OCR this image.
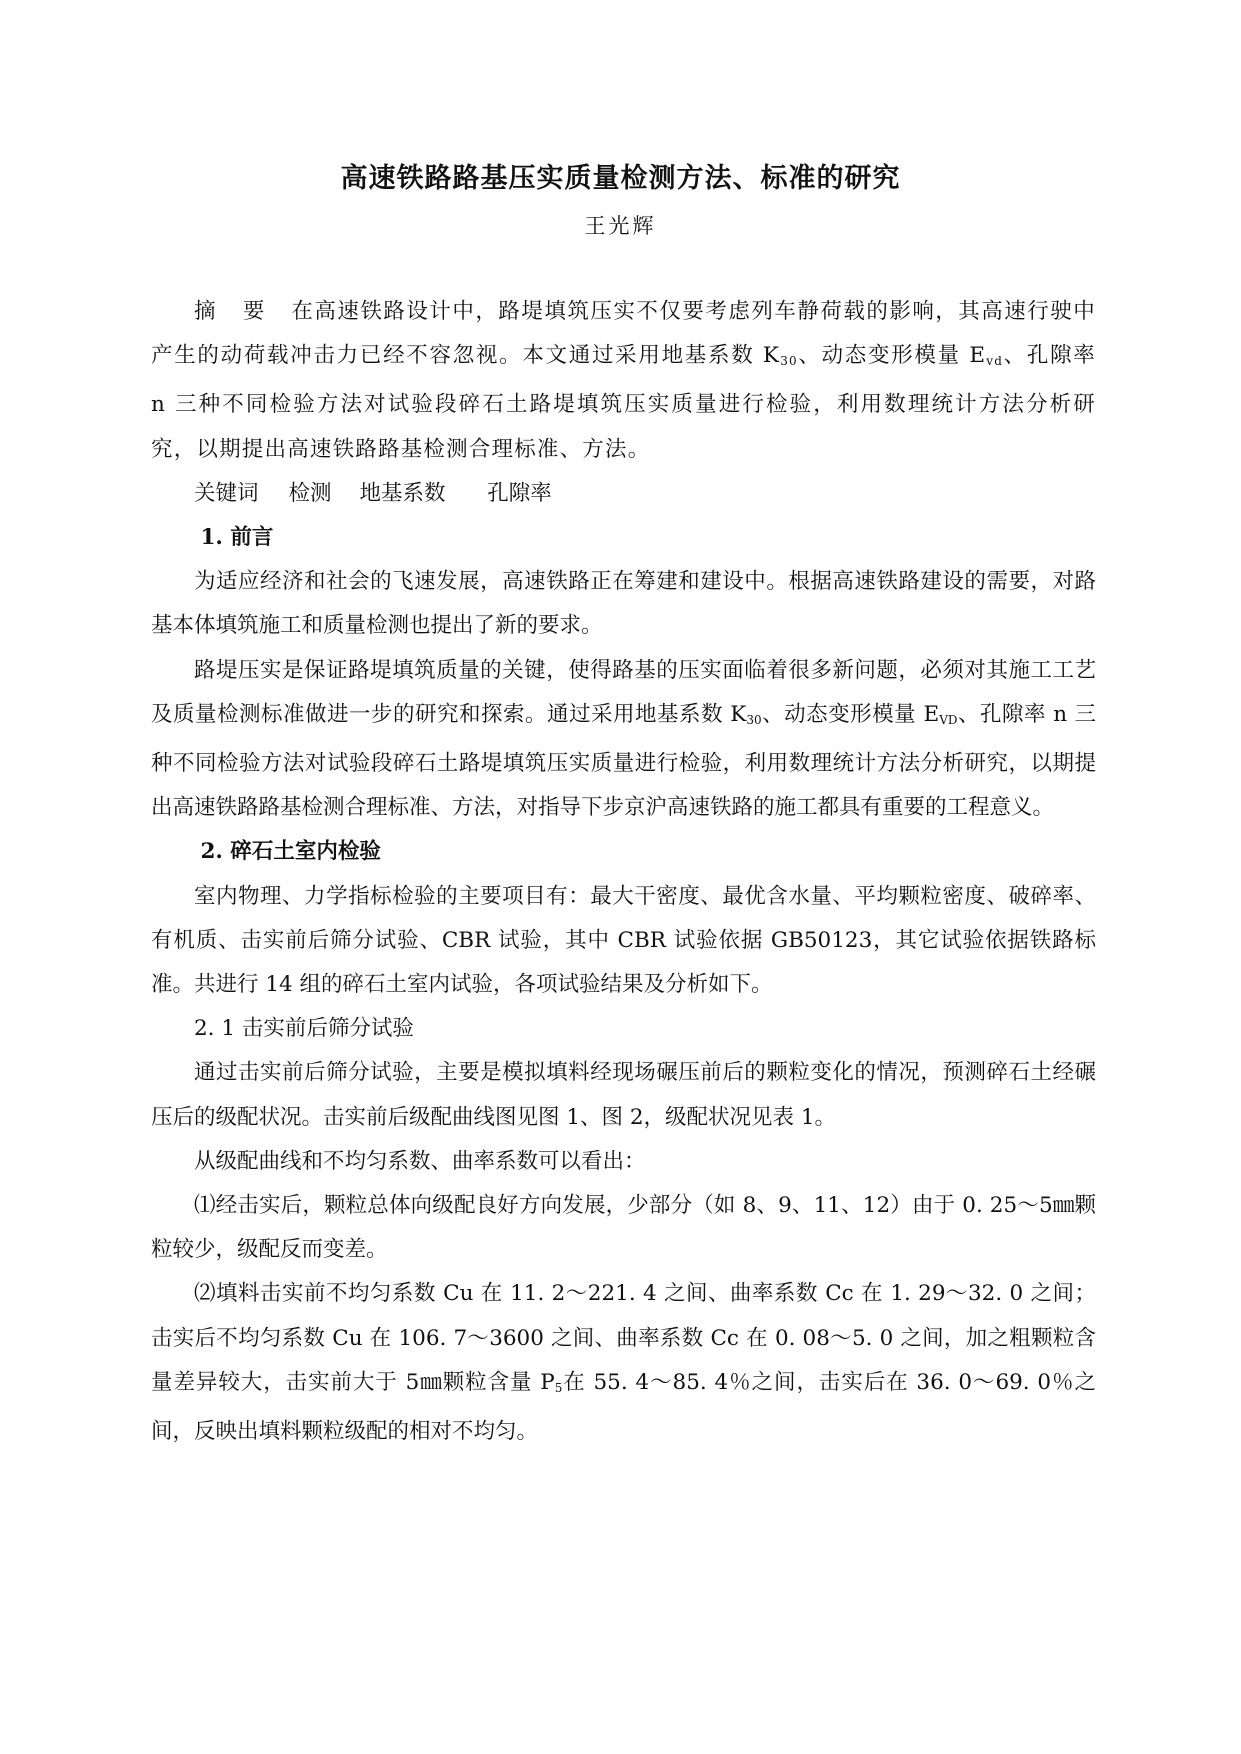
高速铁路路基压实质量检测方法、标准的研究
王光辉

摘 要 在高速铁路设计中，路堤填筑压实不仅要考虑列车静荷载的影响，其高速行驶中产生的动荷载冲击力已经不容忽视。本文通过采用地基系数 $K_{30}$、动态变形模量 $E_{vd}$、孔隙率 n 三种不同检验方法对试验段碎石土路堤填筑压实质量进行检验，利用数理统计方法分析研究，以期提出高速铁路路基检测合理标准、方法。

关键词 检测 地基系数 孔隙率

1. 前言

为适应经济和社会的飞速发展，高速铁路正在筹建和建设中。根据高速铁路建设的需要，对路基本体填筑施工和质量检测也提出了新的要求。

路堤压实是保证路堤填筑质量的关键，使得路基的压实面临着很多新问题，必须对其施工工艺及质量检测标准做进一步的研究和探索。通过采用地基系数 $K_{30}$、动态变形模量 $E_{VD}$、孔隙率 n 三种不同检验方法对试验段碎石土路堤填筑压实质量进行检验，利用数理统计方法分析研究，以期提出高速铁路路基检测合理标准、方法，对指导下步京沪高速铁路的施工都具有重要的工程意义。

2. 碎石土室内检验

室内物理、力学指标检验的主要项目有：最大干密度、最优含水量、平均颗粒密度、破碎率、有机质、击实前后筛分试验、CBR 试验，其中 CBR 试验依据 GB50123，其它试验依据铁路标准。共进行 14 组的碎石土室内试验，各项试验结果及分析如下。

2. 1 击实前后筛分试验

通过击实前后筛分试验，主要是模拟填料经现场碾压前后的颗粒变化的情况，预测碎石土经碾压后的级配状况。击实前后级配曲线图见图 1、图 2，级配状况见表 1。

从级配曲线和不均匀系数、曲率系数可以看出：

⑴经击实后，颗粒总体向级配良好方向发展，少部分（如 8、9、11、12）由于 0. 25～5㎜颗粒较少，级配反而变差。

⑵填料击实前不均匀系数 Cu 在 11. 2～221. 4 之间、曲率系数 Cc 在 1. 29～32. 0 之间；击实后不均匀系数 Cu 在 106. 7～3600 之间、曲率系数 Cc 在 0. 08～5. 0 之间，加之粗颗粒含量差异较大，击实前大于 5㎜颗粒含量 $P_5$在 55. 4～85. 4％之间，击实后在 36. 0～69. 0％之间，反映出填料颗粒级配的相对不均匀。
